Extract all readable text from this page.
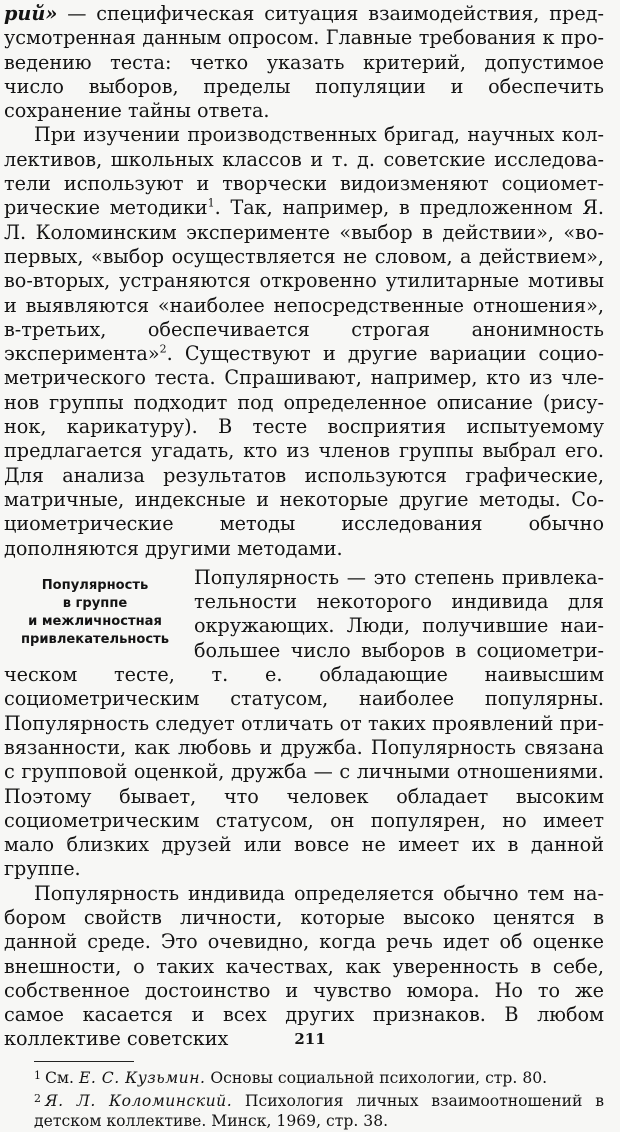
рий» — специфическая ситуация взаимодействия, предусмотренная данным опросом. Главные требования к проведению теста: четко указать критерий, допустимое число выборов, пределы популяции и обеспечить сохранение тайны ответа.

При изучении производственных бригад, научных коллективов, школьных классов и т. д. советские исследователи используют и творчески видоизменяют социометрические методики$^1$. Так, например, в предложенном Я. Л. Коломинским эксперименте «выбор в действии», «во-первых, «выбор осуществляется не словом, а действием», во-вторых, устраняются откровенно утилитарные мотивы и выявляются «наиболее непосредственные отношения», в-третьих, обеспечивается строгая анонимность эксперимента»$^2$. Существуют и другие вариации социометрического теста. Спрашивают, например, кто из членов группы подходит под определенное описание (рисунок, карикатуру). В тесте восприятия испытуемому предлагается угадать, кто из членов группы выбрал его. Для анализа результатов используются графические, матричные, индексные и некоторые другие методы. Социометрические методы исследования обычно дополняются другими методами.

Популярность
в группе
и межличностная
привлекательность

Популярность — это степень привлекательности некоторого индивида для окружающих. Люди, получившие наибольшее число выборов в социометрическом тесте, т. е. обладающие наивысшим социометрическим статусом, наиболее популярны. Популярность следует отличать от таких проявлений привязанности, как любовь и дружба. Популярность связана с групповой оценкой, дружба — с личными отношениями. Поэтому бывает, что человек обладает высоким социометрическим статусом, он популярен, но имеет мало близких друзей или вовсе не имеет их в данной группе.

Популярность индивида определяется обычно тем набором свойств личности, которые высоко ценятся в данной среде. Это очевидно, когда речь идет об оценке внешности, о таких качествах, как уверенность в себе, собственное достоинство и чувство юмора. Но то же самое касается и всех других признаков. В любом коллективе советских

$^1$ См. Е. С. Кузьмин. Основы социальной психологии, стр. 80.

$^2$ Я. Л. Коломинский. Психология личных взаимоотношений в детском коллективе. Минск, 1969, стр. 38.

211
